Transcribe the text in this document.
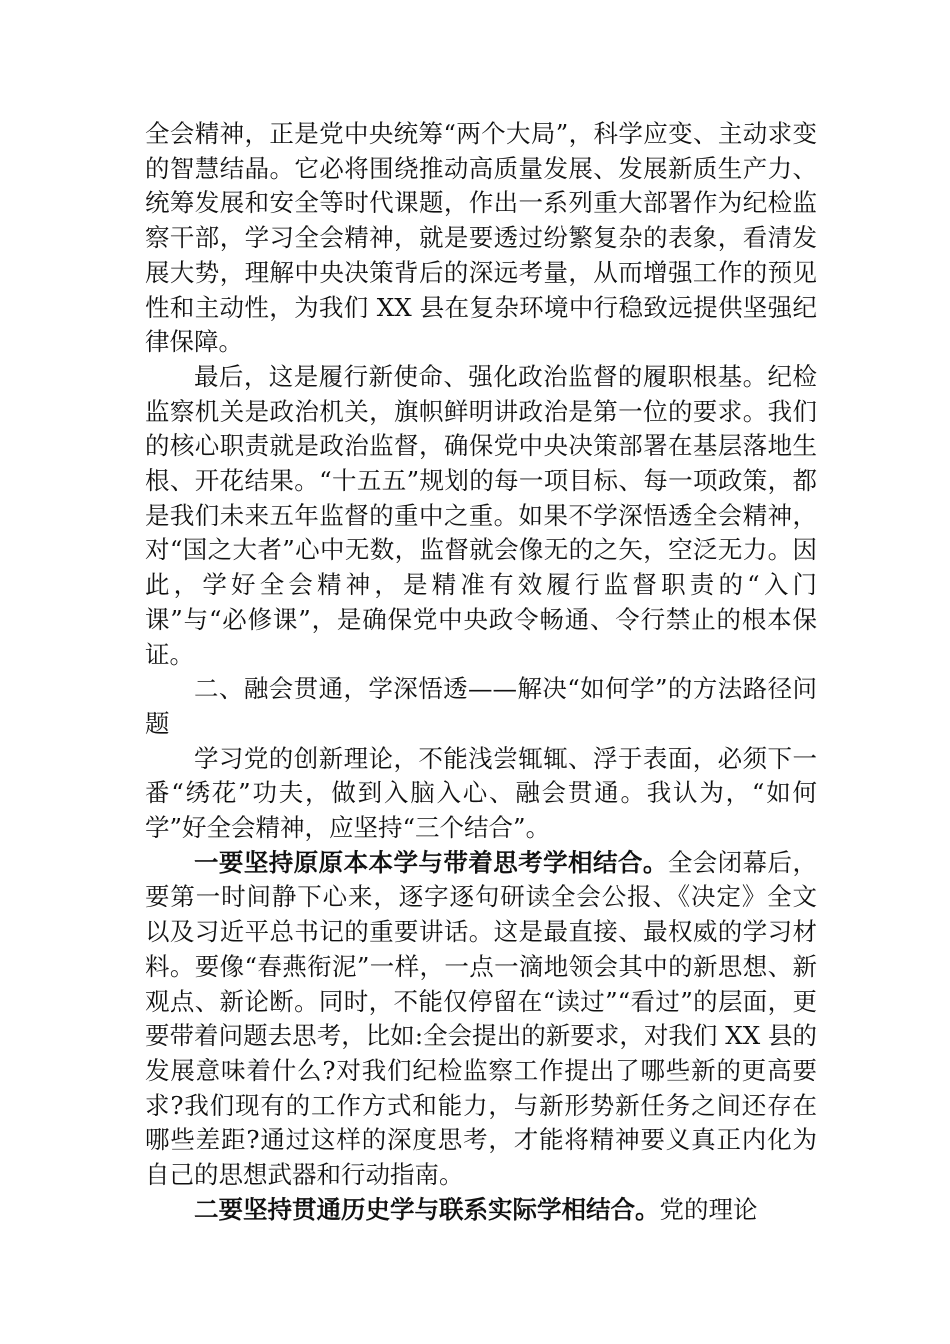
全会精神，正是党中央统筹“两个大局”，科学应变、主动求变的智慧结晶。它必将围绕推动高质量发展、发展新质生产力、统筹发展和安全等时代课题，作出一系列重大部署作为纪检监察干部，学习全会精神，就是要透过纷繁复杂的表象，看清发展大势，理解中央决策背后的深远考量，从而增强工作的预见性和主动性，为我们 XX 县在复杂环境中行稳致远提供坚强纪律保障。

最后，这是履行新使命、强化政治监督的履职根基。纪检监察机关是政治机关，旗帜鲜明讲政治是第一位的要求。我们的核心职责就是政治监督，确保党中央决策部署在基层落地生根、开花结果。“十五五”规划的每一项目标、每一项政策，都是我们未来五年监督的重中之重。如果不学深悟透全会精神，对“国之大者”心中无数，监督就会像无的之矢，空泛无力。因此，学好全会精神，是精准有效履行监督职责的“入门课”与“必修课”，是确保党中央政令畅通、令行禁止的根本保证。

二、融会贯通，学深悟透——解决“如何学”的方法路径问题

学习党的创新理论，不能浅尝辄辄、浮于表面，必须下一番“绣花”功夫，做到入脑入心、融会贯通。我认为，“如何学”好全会精神，应坚持“三个结合”。

一要坚持原原本本学与带着思考学相结合。全会闭幕后，要第一时间静下心来，逐字逐句研读全会公报、《决定》全文以及习近平总书记的重要讲话。这是最直接、最权威的学习材料。要像“春燕衔泥”一样，一点一滴地领会其中的新思想、新观点、新论断。同时，不能仅停留在“读过”“看过”的层面，更要带着问题去思考，比如:全会提出的新要求，对我们 XX 县的发展意味着什么?对我们纪检监察工作提出了哪些新的更高要求?我们现有的工作方式和能力，与新形势新任务之间还存在哪些差距?通过这样的深度思考，才能将精神要义真正内化为自己的思想武器和行动指南。

二要坚持贯通历史学与联系实际学相结合。党的理论
